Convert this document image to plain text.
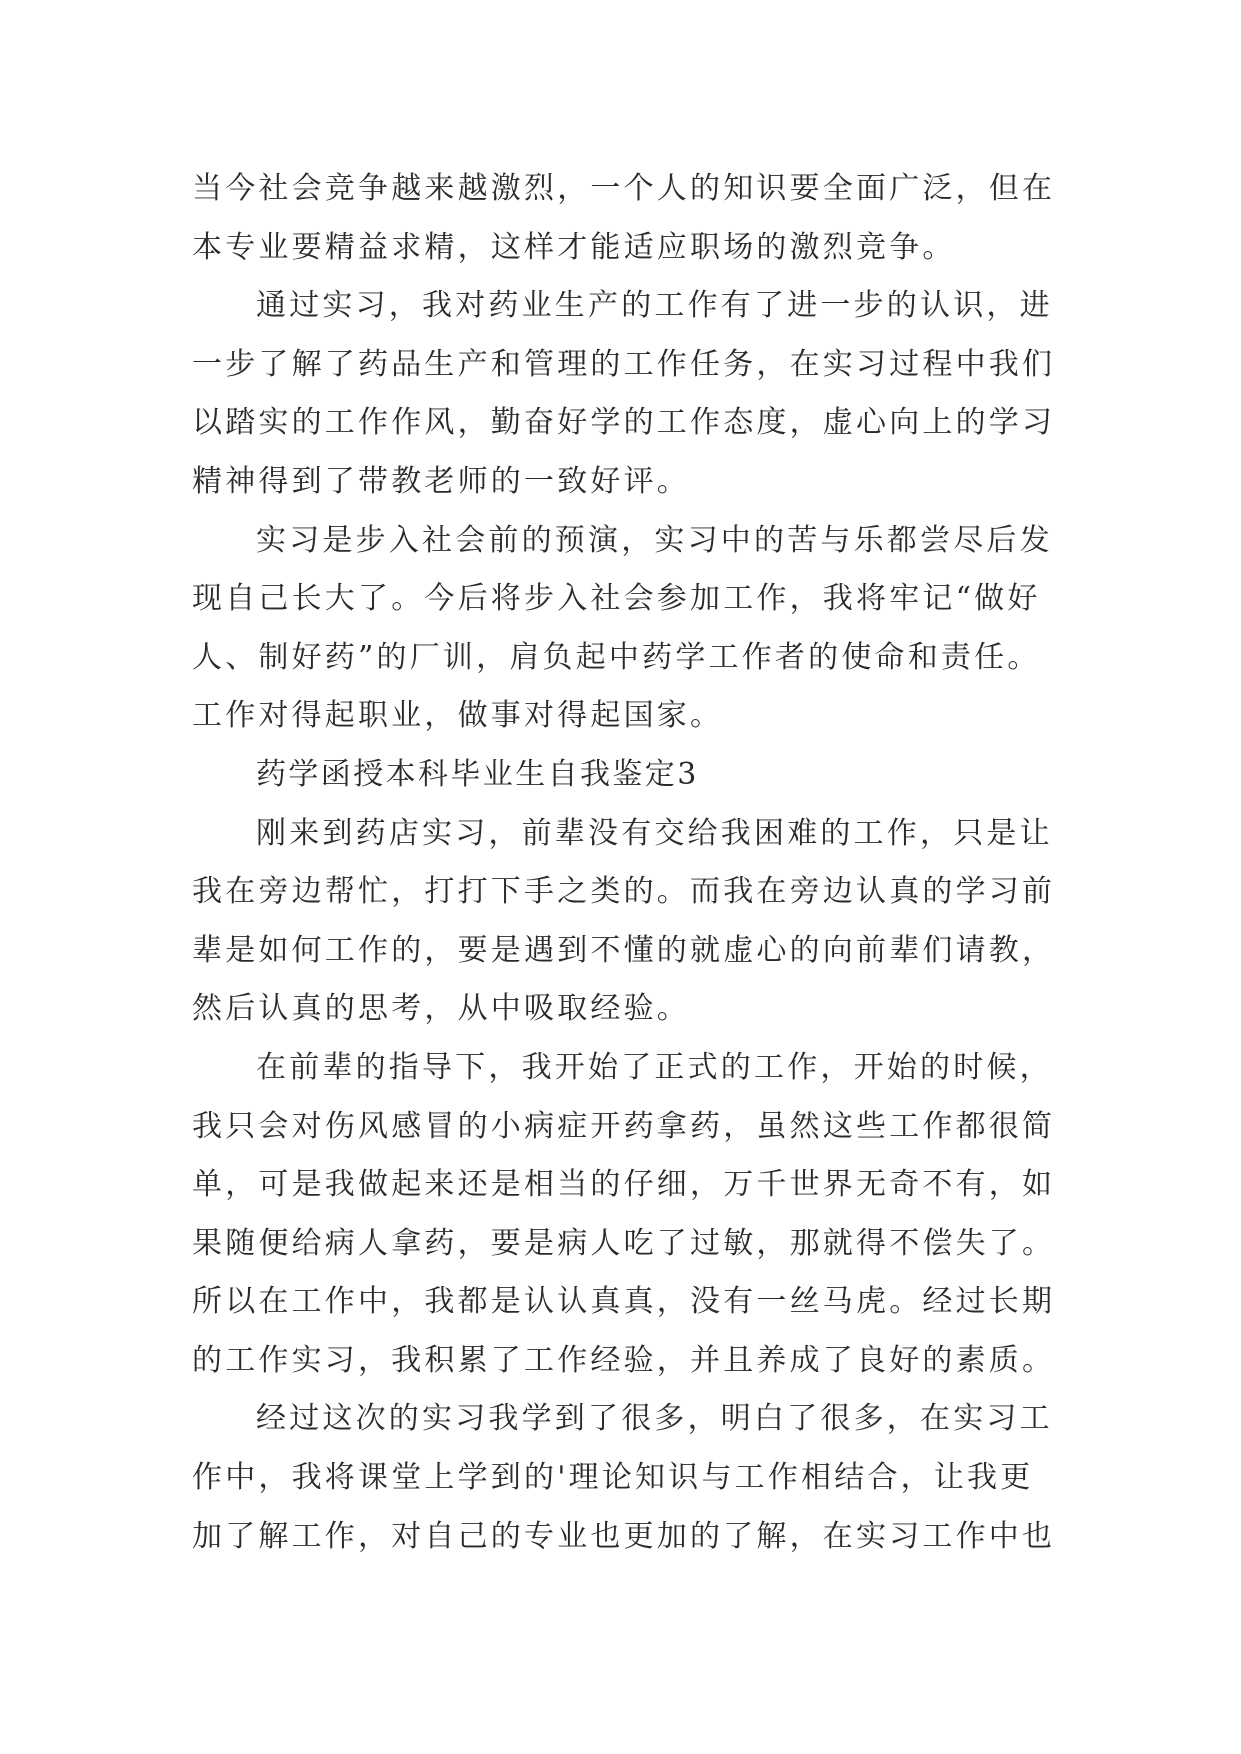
当今社会竞争越来越激烈，一个人的知识要全面广泛，但在
本专业要精益求精，这样才能适应职场的激烈竞争。
通过实习，我对药业生产的工作有了进一步的认识，进
一步了解了药品生产和管理的工作任务，在实习过程中我们
以踏实的工作作风，勤奋好学的工作态度，虚心向上的学习
精神得到了带教老师的一致好评。
实习是步入社会前的预演，实习中的苦与乐都尝尽后发
现自己长大了。今后将步入社会参加工作，我将牢记“做好
人、制好药”的厂训，肩负起中药学工作者的使命和责任。
工作对得起职业，做事对得起国家。
药学函授本科毕业生自我鉴定3
刚来到药店实习，前辈没有交给我困难的工作，只是让
我在旁边帮忙，打打下手之类的。而我在旁边认真的学习前
辈是如何工作的，要是遇到不懂的就虚心的向前辈们请教，
然后认真的思考，从中吸取经验。
在前辈的指导下，我开始了正式的工作，开始的时候，
我只会对伤风感冒的小病症开药拿药，虽然这些工作都很简
单，可是我做起来还是相当的仔细，万千世界无奇不有，如
果随便给病人拿药，要是病人吃了过敏，那就得不偿失了。
所以在工作中，我都是认认真真，没有一丝马虎。经过长期
的工作实习，我积累了工作经验，并且养成了良好的素质。
经过这次的实习我学到了很多，明白了很多，在实习工
作中，我将课堂上学到的'理论知识与工作相结合，让我更
加了解工作，对自己的专业也更加的了解，在实习工作中也
